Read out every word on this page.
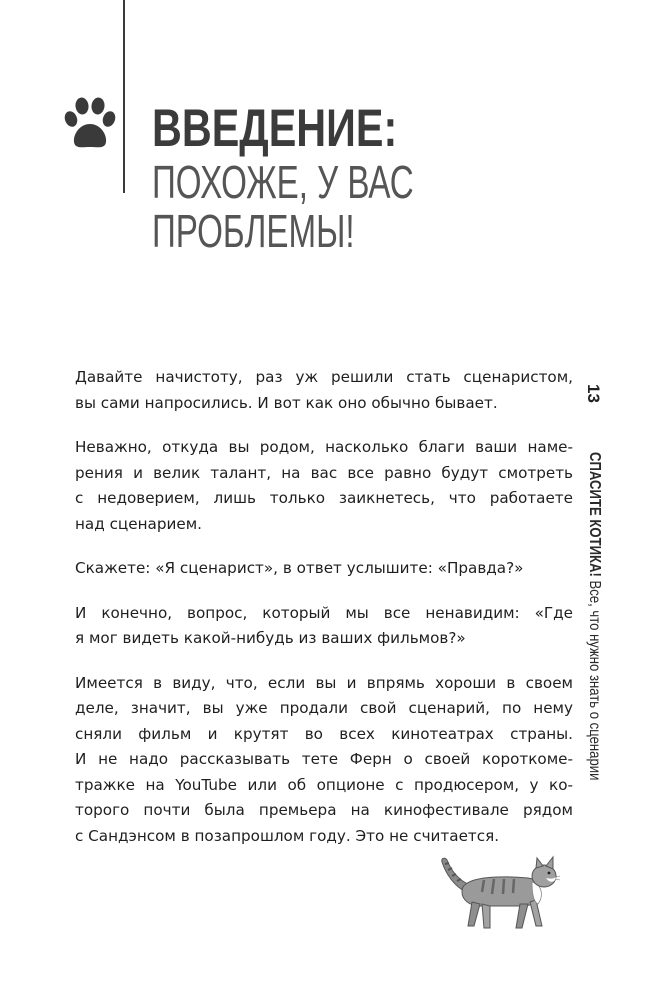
ВВЕДЕНИЕ:
ПОХОЖЕ, У ВАС
ПРОБЛЕМЫ!

Давайте начистоту, раз уж решили стать сценаристом,
вы сами напросились. И вот как оно обычно бывает.

Неважно, откуда вы родом, насколько благи ваши наме-
рения и велик талант, на вас все равно будут смотреть
с недоверием, лишь только заикнетесь, что работаете
над сценарием.

Скажете: «Я сценарист», в ответ услышите: «Правда?»

И конечно, вопрос, который мы все ненавидим: «Где
я мог видеть какой-нибудь из ваших фильмов?»

Имеется в виду, что, если вы и впрямь хороши в своем
деле, значит, вы уже продали свой сценарий, по нему
сняли фильм и крутят во всех кинотеатрах страны.
И не надо рассказывать тете Ферн о своей короткоме-
тражке на YouTube или об опционе с продюсером, у ко-
торого почти была премьера на кинофестивале рядом
с Сандэнсом в позапрошлом году. Это не считается.

13
СПАСИТЕ КОТИКА! Все, что нужно знать о сценарии
